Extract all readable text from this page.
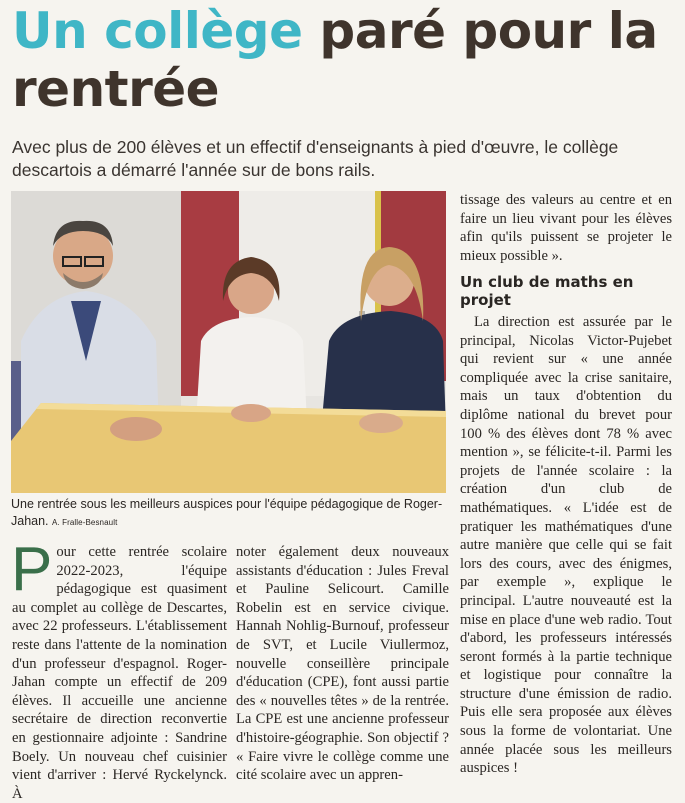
Un collège paré pour la rentrée

Avec plus de 200 élèves et un effectif d'enseignants à pied d'œuvre, le collège descartois a démarré l'année sur de bons rails.

Une rentrée sous les meilleurs auspices pour l'équipe pédagogique de Roger-Jahan. A. Fralle-Besnault

Pour cette rentrée scolaire 2022-2023, l'équipe pédagogique est quasiment au complet au collège de Descartes, avec 22 professeurs. L'établissement reste dans l'attente de la nomination d'un professeur d'espagnol. Roger-Jahan compte un effectif de 209 élèves. Il accueille une ancienne secrétaire de direction reconvertie en gestionnaire adjointe : Sandrine Boely. Un nouveau chef cuisinier vient d'arriver : Hervé Ryckelynck. À

noter également deux nouveaux assistants d'éducation : Jules Freval et Pauline Selicourt. Camille Robelin est en service civique. Hannah Nohlig-Burnouf, professeur de SVT, et Lucile Viullermoz, nouvelle conseillère principale d'éducation (CPE), font aussi partie des « nouvelles têtes » de la rentrée. La CPE est une ancienne professeur d'histoire-géographie. Son objectif ? « Faire vivre le collège comme une cité scolaire avec un appren-

tissage des valeurs au centre et en faire un lieu vivant pour les élèves afin qu'ils puissent se projeter le mieux possible ».

Un club de maths en projet

La direction est assurée par le principal, Nicolas Victor-Pujebet qui revient sur « une année compliquée avec la crise sanitaire, mais un taux d'obtention du diplôme national du brevet pour 100 % des élèves dont 78 % avec mention », se félicite-t-il. Parmi les projets de l'année scolaire : la création d'un club de mathématiques. « L'idée est de pratiquer les mathématiques d'une autre manière que celle qui se fait lors des cours, avec des énigmes, par exemple », explique le principal. L'autre nouveauté est la mise en place d'une web radio. Tout d'abord, les professeurs intéressés seront formés à la partie technique et logistique pour connaître la structure d'une émission de radio. Puis elle sera proposée aux élèves sous la forme de volontariat. Une année placée sous les meilleurs auspices !
